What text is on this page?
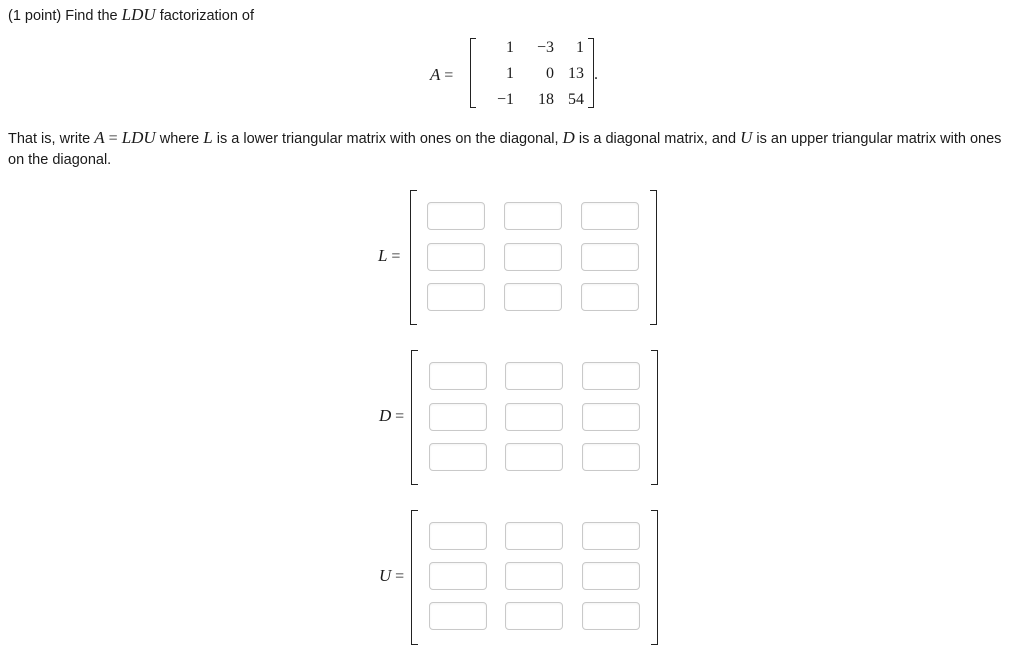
(1 point) Find the LDU factorization of
A =
1	−3	1
1	0 13
−1	18 54
.
That is, write A = LDU where L is a lower triangular matrix with ones on the diagonal, D is a diagonal matrix, and U is an upper triangular matrix with ones on the diagonal.
L =
D =
U =
